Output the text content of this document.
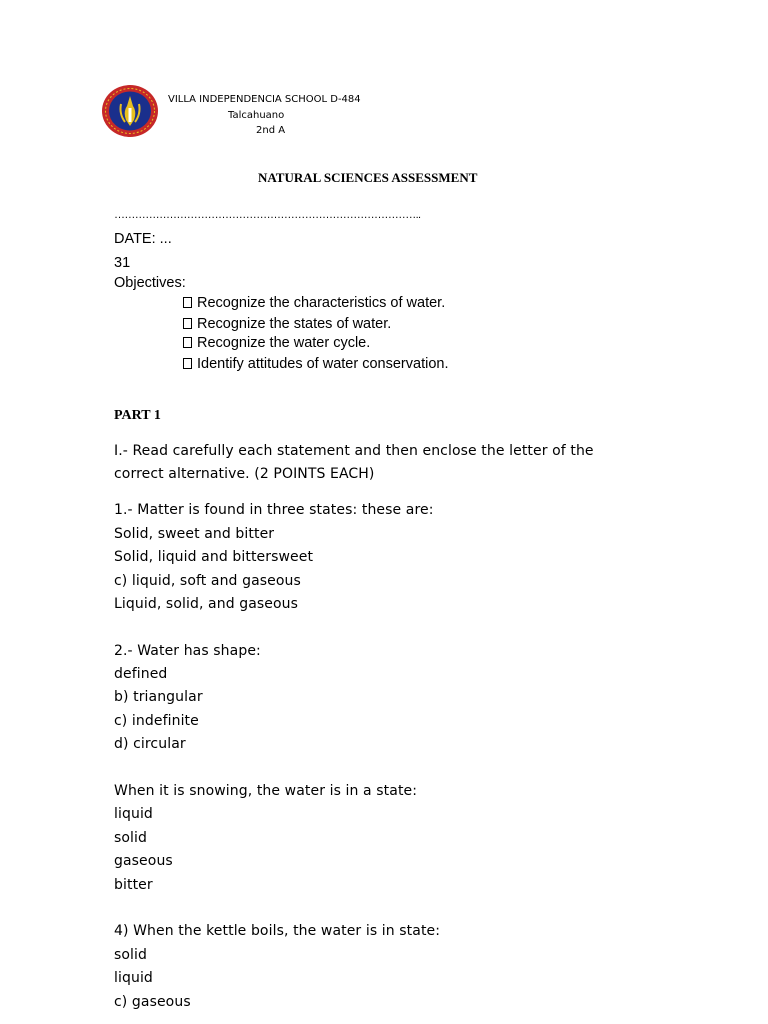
VILLA INDEPENDENCIA SCHOOL D-484
Talcahuano
2nd A
NATURAL SCIENCES ASSESSMENT
……………………………………………………………………………..
DATE: ...
31
Objectives:
Recognize the characteristics of water.
Recognize the states of water.
Recognize the water cycle.
Identify attitudes of water conservation.
PART 1
I.- Read carefully each statement and then enclose the letter of the
correct alternative. (2 POINTS EACH)
1.- Matter is found in three states: these are:
Solid, sweet and bitter
Solid, liquid and bittersweet
c) liquid, soft and gaseous
Liquid, solid, and gaseous
2.- Water has shape:
defined
b) triangular
c) indefinite
d) circular
When it is snowing, the water is in a state:
liquid
solid
gaseous
bitter
4) When the kettle boils, the water is in state:
solid
liquid
c) gaseous
